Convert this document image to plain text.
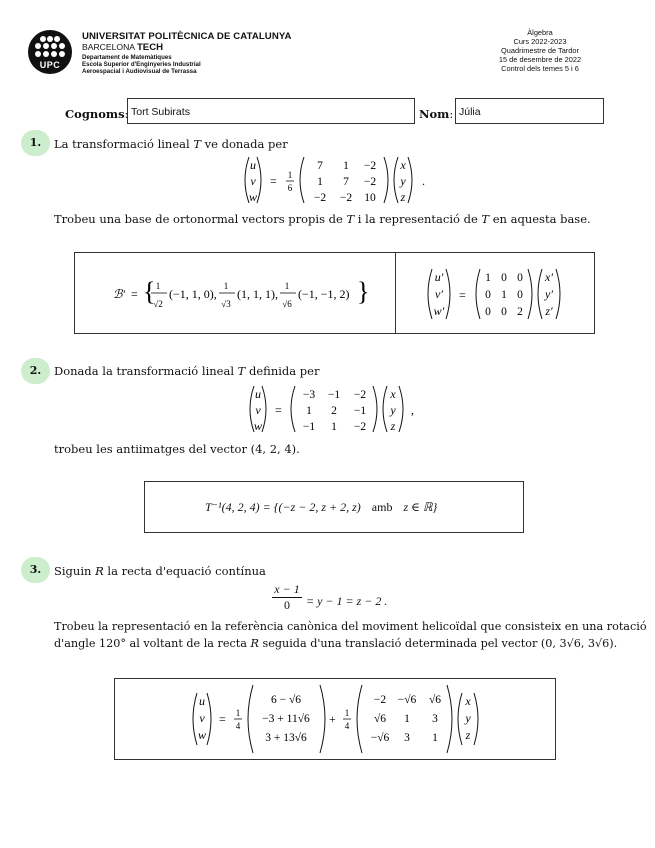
UPC
UNIVERSITAT POLITÈCNICA DE CATALUNYA
BARCELONA TECH
Departament de Matemàtiques
Escola Superior d'Enginyeries Industrial
Aeroespacial i Audiovisual de Terrassa
Àlgebra
Curs 2022-2023
Quadrimestre de Tardor
15 de desembre de 2022
Control dels temes 5 i 6
Cognoms: Tort Subirats	Nom: Júlia
1.	La transformació lineal T ve donada per
u
v
w
= 1
6
7 1 −2
1 7 −2
−2 −2 10
x
y
z
.
Trobeu una base de ortonormal vectors propis de T i la representació de T en aquesta base.
ℬ′ = { 1
√2
(−1, 1, 0),
1
√3
(1, 1, 1),
1
√6
(−1, −1, 2) }	u′
v′
w′
=
1 0 0
0 1 0
0 0 2
x′
y′
z′
2.	Donada la transformació lineal T definida per
u
v
w
=
−3 −1 −2
1 2 −1
−1 1 −2
x
y
z
,
trobeu les antiimatges del vector (4, 2, 4).
T⁻¹(4, 2, 4) = {(−z − 2, z + 2, z) amb z ∈ ℝ}
3.	Siguin R la recta d'equació contínua
$\frac{x - 1}{0} = y - 1 = z - 2$ .
Trobeu la representació en la referència canònica del moviment helicoïdal que consisteix en una rotació
d'angle 120° al voltant de la recta R seguida d'una translació determinada pel vector (0, 3√6, 3√6).
u
v
w
= 1
4
6 − √6
−3 + 11√6
3 + 13√6
+ 1
4
−2 −√6 √6
√6 1 3
−√6 3 1
x
y
z
